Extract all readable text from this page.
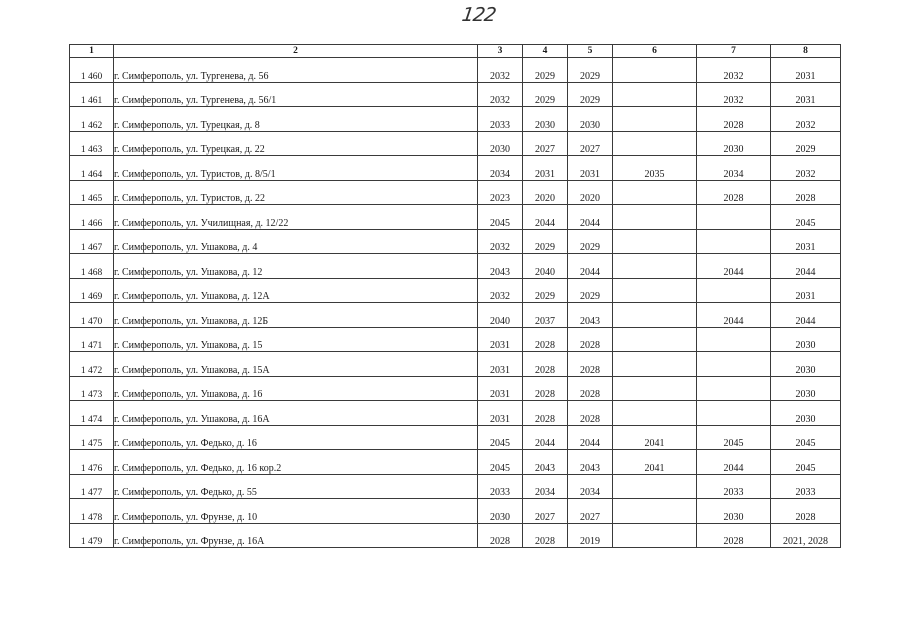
122
1	2	3	4	5	6	7	8
1 460	г. Симферополь, ул. Тургенева, д. 56	2032	2029	2029		2032	2031
1 461	г. Симферополь, ул. Тургенева, д. 56/1	2032	2029	2029		2032	2031
1 462	г. Симферополь, ул. Турецкая, д. 8	2033	2030	2030		2028	2032
1 463	г. Симферополь, ул. Турецкая, д. 22	2030	2027	2027		2030	2029
1 464	г. Симферополь, ул. Туристов, д. 8/5/1	2034	2031	2031	2035	2034	2032
1 465	г. Симферополь, ул. Туристов, д. 22	2023	2020	2020		2028	2028
1 466	г. Симферополь, ул. Училищная, д. 12/22	2045	2044	2044			2045
1 467	г. Симферополь, ул. Ушакова, д. 4	2032	2029	2029			2031
1 468	г. Симферополь, ул. Ушакова, д. 12	2043	2040	2044		2044	2044
1 469	г. Симферополь, ул. Ушакова, д. 12А	2032	2029	2029			2031
1 470	г. Симферополь, ул. Ушакова, д. 12Б	2040	2037	2043		2044	2044
1 471	г. Симферополь, ул. Ушакова, д. 15	2031	2028	2028			2030
1 472	г. Симферополь, ул. Ушакова, д. 15А	2031	2028	2028			2030
1 473	г. Симферополь, ул. Ушакова, д. 16	2031	2028	2028			2030
1 474	г. Симферополь, ул. Ушакова, д. 16А	2031	2028	2028			2030
1 475	г. Симферополь, ул. Федько, д. 16	2045	2044	2044	2041	2045	2045
1 476	г. Симферополь, ул. Федько, д. 16 кор.2	2045	2043	2043	2041	2044	2045
1 477	г. Симферополь, ул. Федько, д. 55	2033	2034	2034		2033	2033
1 478	г. Симферополь, ул. Фрунзе, д. 10	2030	2027	2027		2030	2028
1 479	г. Симферополь, ул. Фрунзе, д. 16А	2028	2028	2019		2028	2021, 2028
